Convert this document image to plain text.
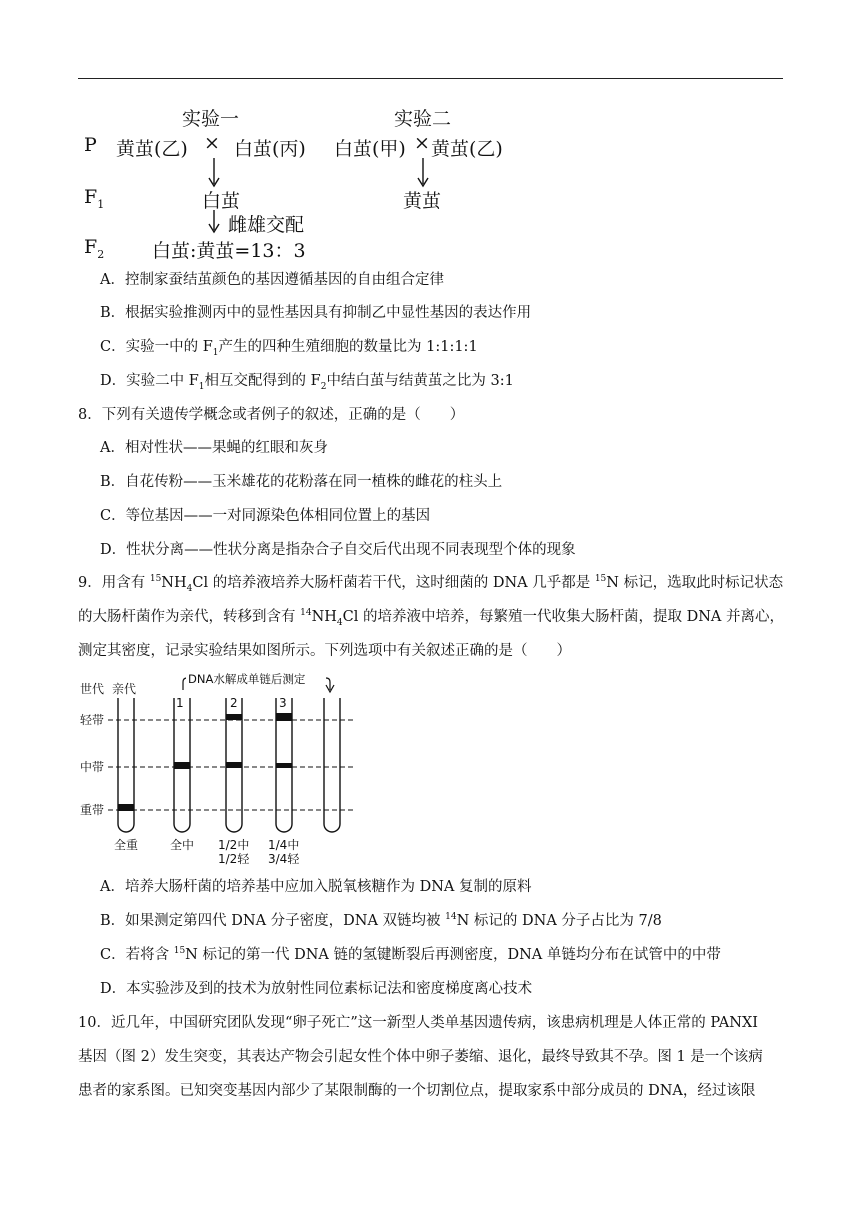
实验一	实验二
P 黄茧(乙) × 白茧(丙) 白茧(甲) × 黄茧(乙)
$F_1$	白茧	黄茧
雌雄交配
$F_2$	白茧:黄茧=13：3
A．控制家蚕结茧颜色的基因遵循基因的自由组合定律
B．根据实验推测丙中的显性基因具有抑制乙中显性基因的表达作用
C．实验一中的 $F_1$产生的四种生殖细胞的数量比为 1:1:1:1
D．实验二中 $F_1$相互交配得到的 $F_2$中结白茧与结黄茧之比为 3:1
8．下列有关遗传学概念或者例子的叙述，正确的是（　　）
A．相对性状——果蝇的红眼和灰身
B．自花传粉——玉米雄花的花粉落在同一植株的雌花的柱头上
C．等位基因——一对同源染色体相同位置上的基因
D．性状分离——性状分离是指杂合子自交后代出现不同表现型个体的现象
9．用含有 $^{15}NH_4Cl$ 的培养液培养大肠杆菌若干代，这时细菌的 DNA 几乎都是 $^{15}$N 标记，选取此时标记状态
的大肠杆菌作为亲代，转移到含有 $^{14}NH_4Cl$ 的培养液中培养，每繁殖一代收集大肠杆菌，提取 DNA 并离心，
测定其密度，记录实验结果如图所示。下列选项中有关叙述正确的是（　　）
世代 亲代
DNA水解成单链后测定
1	2	3
轻带
中带
重带
全重	全中 1/2中
1/2轻
1/4中
3/4轻
A．培养大肠杆菌的培养基中应加入脱氧核糖作为 DNA 复制的原料
B．如果测定第四代 DNA 分子密度，DNA 双链均被 $^{14}$N 标记的 DNA 分子占比为 7/8
C．若将含 $^{15}$N 标记的第一代 DNA 链的氢键断裂后再测密度，DNA 单链均分布在试管中的中带
D．本实验涉及到的技术为放射性同位素标记法和密度梯度离心技术
10．近几年，中国研究团队发现“卵子死亡”这一新型人类单基因遗传病，该患病机理是人体正常的 PANXI
基因（图 2）发生突变，其表达产物会引起女性个体中卵子萎缩、退化，最终导致其不孕。图 1 是一个该病
患者的家系图。已知突变基因内部少了某限制酶的一个切割位点，提取家系中部分成员的 DNA，经过该限
